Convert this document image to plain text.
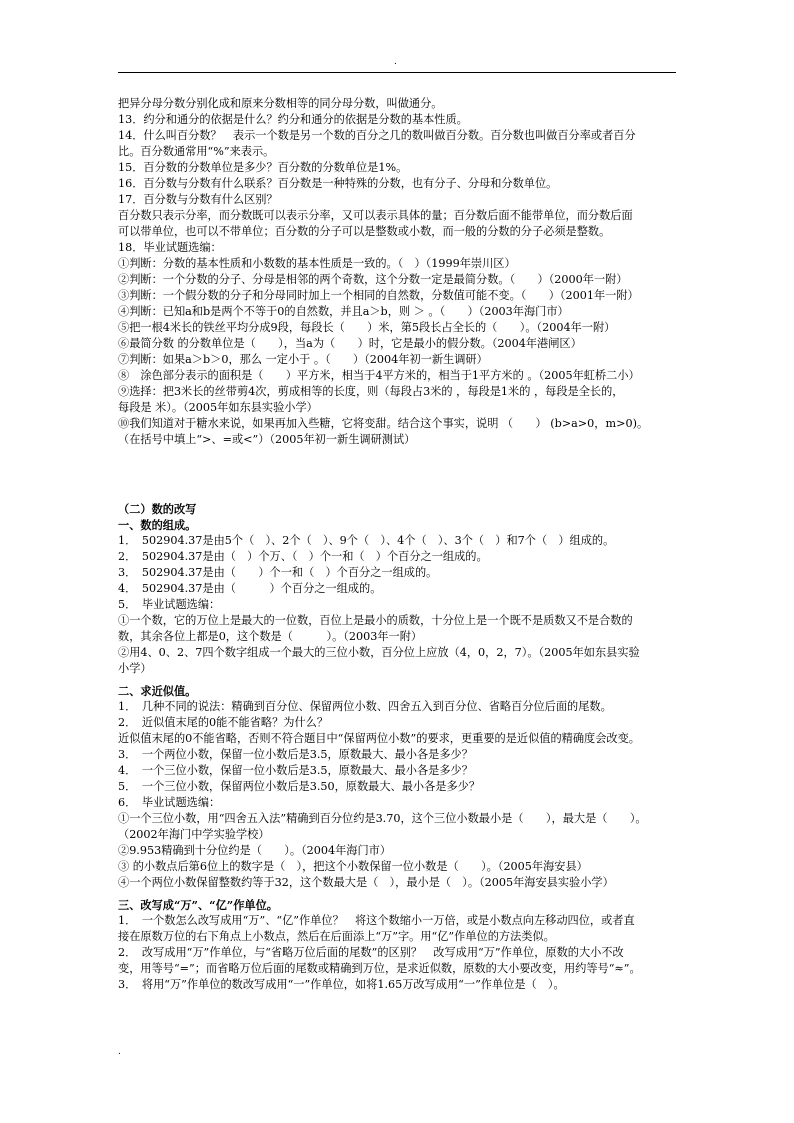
.
把异分母分数分别化成和原来分数相等的同分母分数，叫做通分。
13．约分和通分的依据是什么？约分和通分的依据是分数的基本性质。
14．什么叫百分数？　表示一个数是另一个数的百分之几的数叫做百分数。百分数也叫做百分率或者百分
比。百分数通常用“%”来表示。
15．百分数的分数单位是多少？百分数的分数单位是1%。
16．百分数与分数有什么联系？百分数是一种特殊的分数，也有分子、分母和分数单位。
17．百分数与分数有什么区别？
百分数只表示分率，而分数既可以表示分率，又可以表示具体的量；百分数后面不能带单位，而分数后面
可以带单位，也可以不带单位；百分数的分子可以是整数或小数，而一般的分数的分子必须是整数。
18．毕业试题选编：
①判断：分数的基本性质和小数数的基本性质是一致的。（　）（1999年崇川区）
②判断：一个分数的分子、分母是相邻的两个奇数，这个分数一定是最简分数。（　　）（2000年一附）
③判断：一个假分数的分子和分母同时加上一个相同的自然数，分数值可能不变。（　　）（2001年一附）
④判断：已知a和b是两个不等于0的自然数，并且a＞b，则 ＞ 。（　　）（2003年海门市）
⑤把一根4米长的铁丝平均分成9段，每段长（　　）米，第5段长占全长的（　　）。（2004年一附）
⑥最简分数 的分数单位是（　　），当a为（　　）时，它是最小的假分数。（2004年港闸区）
⑦判断：如果a＞b＞0，那么 一定小于 。（　　）（2004年初一新生调研）
⑧　涂色部分表示的面积是（　　）平方米，相当于4平方米的，相当于1平方米的 。（2005年虹桥二小）
⑨选择：把3米长的丝带剪4次，剪成相等的长度，则（每段占3米的 ，每段是1米的 ，每段是全长的，
每段是 米）。（2005年如东县实验小学）
⑩我们知道对于糖水来说，如果再加入些糖，它将变甜。结合这个事实，说明 （　　） (b>a>0，m>0)。
（在括号中填上“>、=或<”）（2005年初一新生调研测试）
（二）数的改写
一、数的组成。
1．　502904.37是由5个（　）、2个（　）、9个（　）、4个（　）、3个（　）和7个（　）组成的。
2．　502904.37是由（　）个万、（　）个一和（　）个百分之一组成的。
3．　502904.37是由（　　）个一和（　）个百分之一组成的。
4．　502904.37是由（　　　）个百分之一组成的。
5．　毕业试题选编：
①一个数，它的万位上是最大的一位数，百位上是最小的质数，十分位上是一个既不是质数又不是合数的
数，其余各位上都是0，这个数是（　　　）。（2003年一附）
②用4、0、2、7四个数字组成一个最大的三位小数，百分位上应放（4，0，2，7）。（2005年如东县实验
小学）
二、求近似值。
1．　几种不同的说法：精确到百分位、保留两位小数、四舍五入到百分位、省略百分位后面的尾数。
2．　近似值末尾的0能不能省略？为什么？
近似值末尾的0不能省略，否则不符合题目中“保留两位小数”的要求，更重要的是近似值的精确度会改变。
3．　一个两位小数，保留一位小数后是3.5，原数最大、最小各是多少？
4．　一个三位小数，保留一位小数后是3.5，原数最大、最小各是多少？
5．　一个三位小数，保留两位小数后是3.50，原数最大、最小各是多少？
6．　毕业试题选编：
①一个三位小数，用“四舍五入法”精确到百分位约是3.70，这个三位小数最小是（　　），最大是（　　）。
（2002年海门中学实验学校）
②9.953精确到十分位约是（　　）。（2004年海门市）
③ 的小数点后第6位上的数字是（　），把这个小数保留一位小数是（　　）。（2005年海安县）
④一个两位小数保留整数约等于32，这个数最大是（　），最小是（　）。（2005年海安县实验小学）
三、改写成“万”、“亿”作单位。
1．　一个数怎么改写成用“万”、“亿”作单位？　将这个数缩小一万倍，或是小数点向左移动四位，或者直
接在原数万位的右下角点上小数点，然后在后面添上“万”字。用“亿”作单位的方法类似。
2．　改写成用“万”作单位，与“省略万位后面的尾数”的区别？　改写成用“万”作单位，原数的大小不改
变，用等号“=”；而省略万位后面的尾数或精确到万位，是求近似数，原数的大小要改变，用约等号“≈”。
3．　将用“万”作单位的数改写成用“一”作单位，如将1.65万改写成用“一”作单位是（　）。
.
